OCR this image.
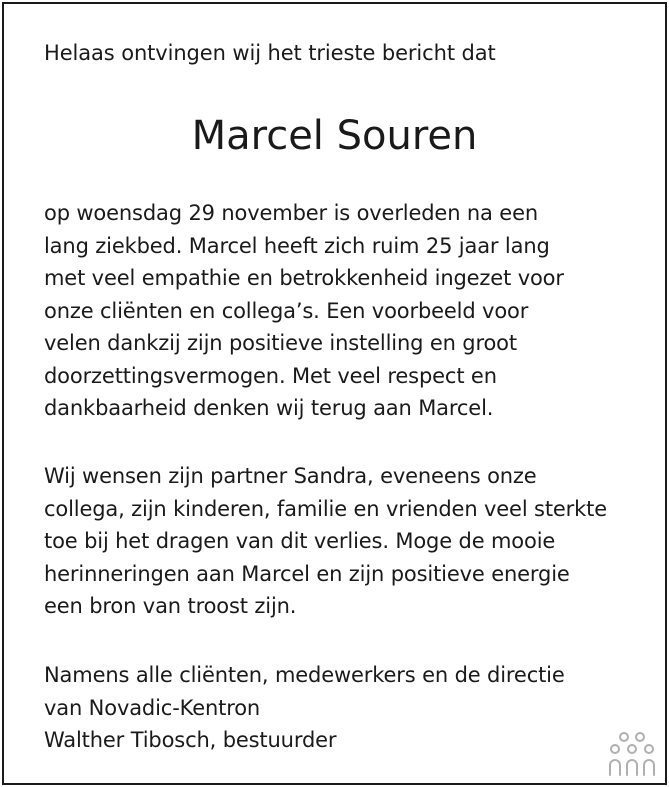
Helaas ontvingen wij het trieste bericht dat
Marcel Souren
op woensdag 29 november is overleden na een
lang ziekbed. Marcel heeft zich ruim 25 jaar lang
met veel empathie en betrokkenheid ingezet voor
onze cliënten en collega’s. Een voorbeeld voor
velen dankzij zijn positieve instelling en groot
doorzettingsvermogen. Met veel respect en
dankbaarheid denken wij terug aan Marcel.
Wij wensen zijn partner Sandra, eveneens onze
collega, zijn kinderen, familie en vrienden veel sterkte
toe bij het dragen van dit verlies. Moge de mooie
herinneringen aan Marcel en zijn positieve energie
een bron van troost zijn.
Namens alle cliënten, medewerkers en de directie
van Novadic-Kentron
Walther Tibosch, bestuurder
